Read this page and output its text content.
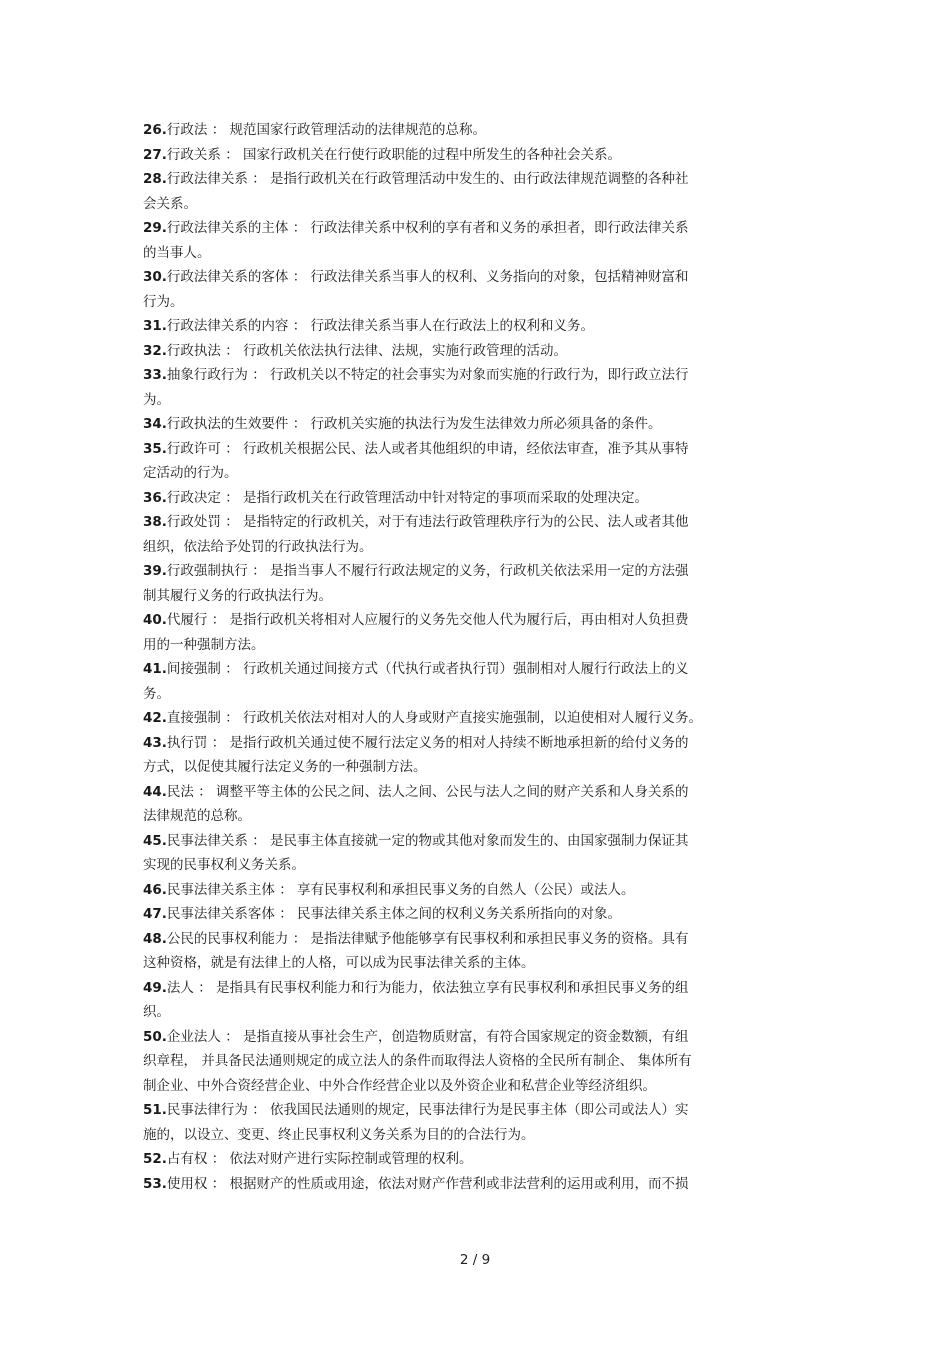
26.行政法 ： 规范国家行政管理活动的法律规范的总称。
27.行政关系 ： 国家行政机关在行使行政职能的过程中所发生的各种社会关系。
28.行政法律关系 ： 是指行政机关在行政管理活动中发生的、由行政法律规范调整的各种社
会关系。
29.行政法律关系的主体 ： 行政法律关系中权利的享有者和义务的承担者，即行政法律关系
的当事人。
30.行政法律关系的客体 ： 行政法律关系当事人的权利、义务指向的对象，包括精神财富和
行为。
31.行政法律关系的内容 ： 行政法律关系当事人在行政法上的权利和义务。
32.行政执法 ： 行政机关依法执行法律、法规，实施行政管理的活动。
33.抽象行政行为 ： 行政机关以不特定的社会事实为对象而实施的行政行为，即行政立法行
为。
34.行政执法的生效要件 ： 行政机关实施的执法行为发生法律效力所必须具备的条件。
35.行政许可 ： 行政机关根据公民、法人或者其他组织的申请，经依法审查，准予其从事特
定活动的行为。
36.行政决定 ： 是指行政机关在行政管理活动中针对特定的事项而采取的处理决定。
38.行政处罚 ： 是指特定的行政机关，对于有违法行政管理秩序行为的公民、法人或者其他
组织，依法给予处罚的行政执法行为。
39.行政强制执行 ： 是指当事人不履行行政法规定的义务，行政机关依法采用一定的方法强
制其履行义务的行政执法行为。
40.代履行 ： 是指行政机关将相对人应履行的义务先交他人代为履行后，再由相对人负担费
用的一种强制方法。
41.间接强制 ： 行政机关通过间接方式（代执行或者执行罚）强制相对人履行行政法上的义
务。
42.直接强制 ： 行政机关依法对相对人的人身或财产直接实施强制，以迫使相对人履行义务。
43.执行罚 ： 是指行政机关通过使不履行法定义务的相对人持续不断地承担新的给付义务的
方式，以促使其履行法定义务的一种强制方法。
44.民法 ： 调整平等主体的公民之间、法人之间、公民与法人之间的财产关系和人身关系的
法律规范的总称。
45.民事法律关系 ： 是民事主体直接就一定的物或其他对象而发生的、由国家强制力保证其
实现的民事权利义务关系。
46.民事法律关系主体 ： 享有民事权利和承担民事义务的自然人（公民）或法人。
47.民事法律关系客体 ： 民事法律关系主体之间的权利义务关系所指向的对象。
48.公民的民事权利能力 ： 是指法律赋予他能够享有民事权利和承担民事义务的资格。具有
这种资格，就是有法律上的人格，可以成为民事法律关系的主体。
49.法人 ： 是指具有民事权利能力和行为能力，依法独立享有民事权利和承担民事义务的组
织。
50.企业法人 ： 是指直接从事社会生产，创造物质财富，有符合国家规定的资金数额，有组
织章程， 并具备民法通则规定的成立法人的条件而取得法人资格的全民所有制企、 集体所有
制企业、中外合资经营企业、中外合作经营企业以及外资企业和私营企业等经济组织。
51.民事法律行为 ： 依我国民法通则的规定，民事法律行为是民事主体（即公司或法人）实
施的，以设立、变更、终止民事权利义务关系为目的的合法行为。
52.占有权 ： 依法对财产进行实际控制或管理的权利。
53.使用权 ： 根据财产的性质或用途，依法对财产作营利或非法营利的运用或利用，而不损
2 / 9
